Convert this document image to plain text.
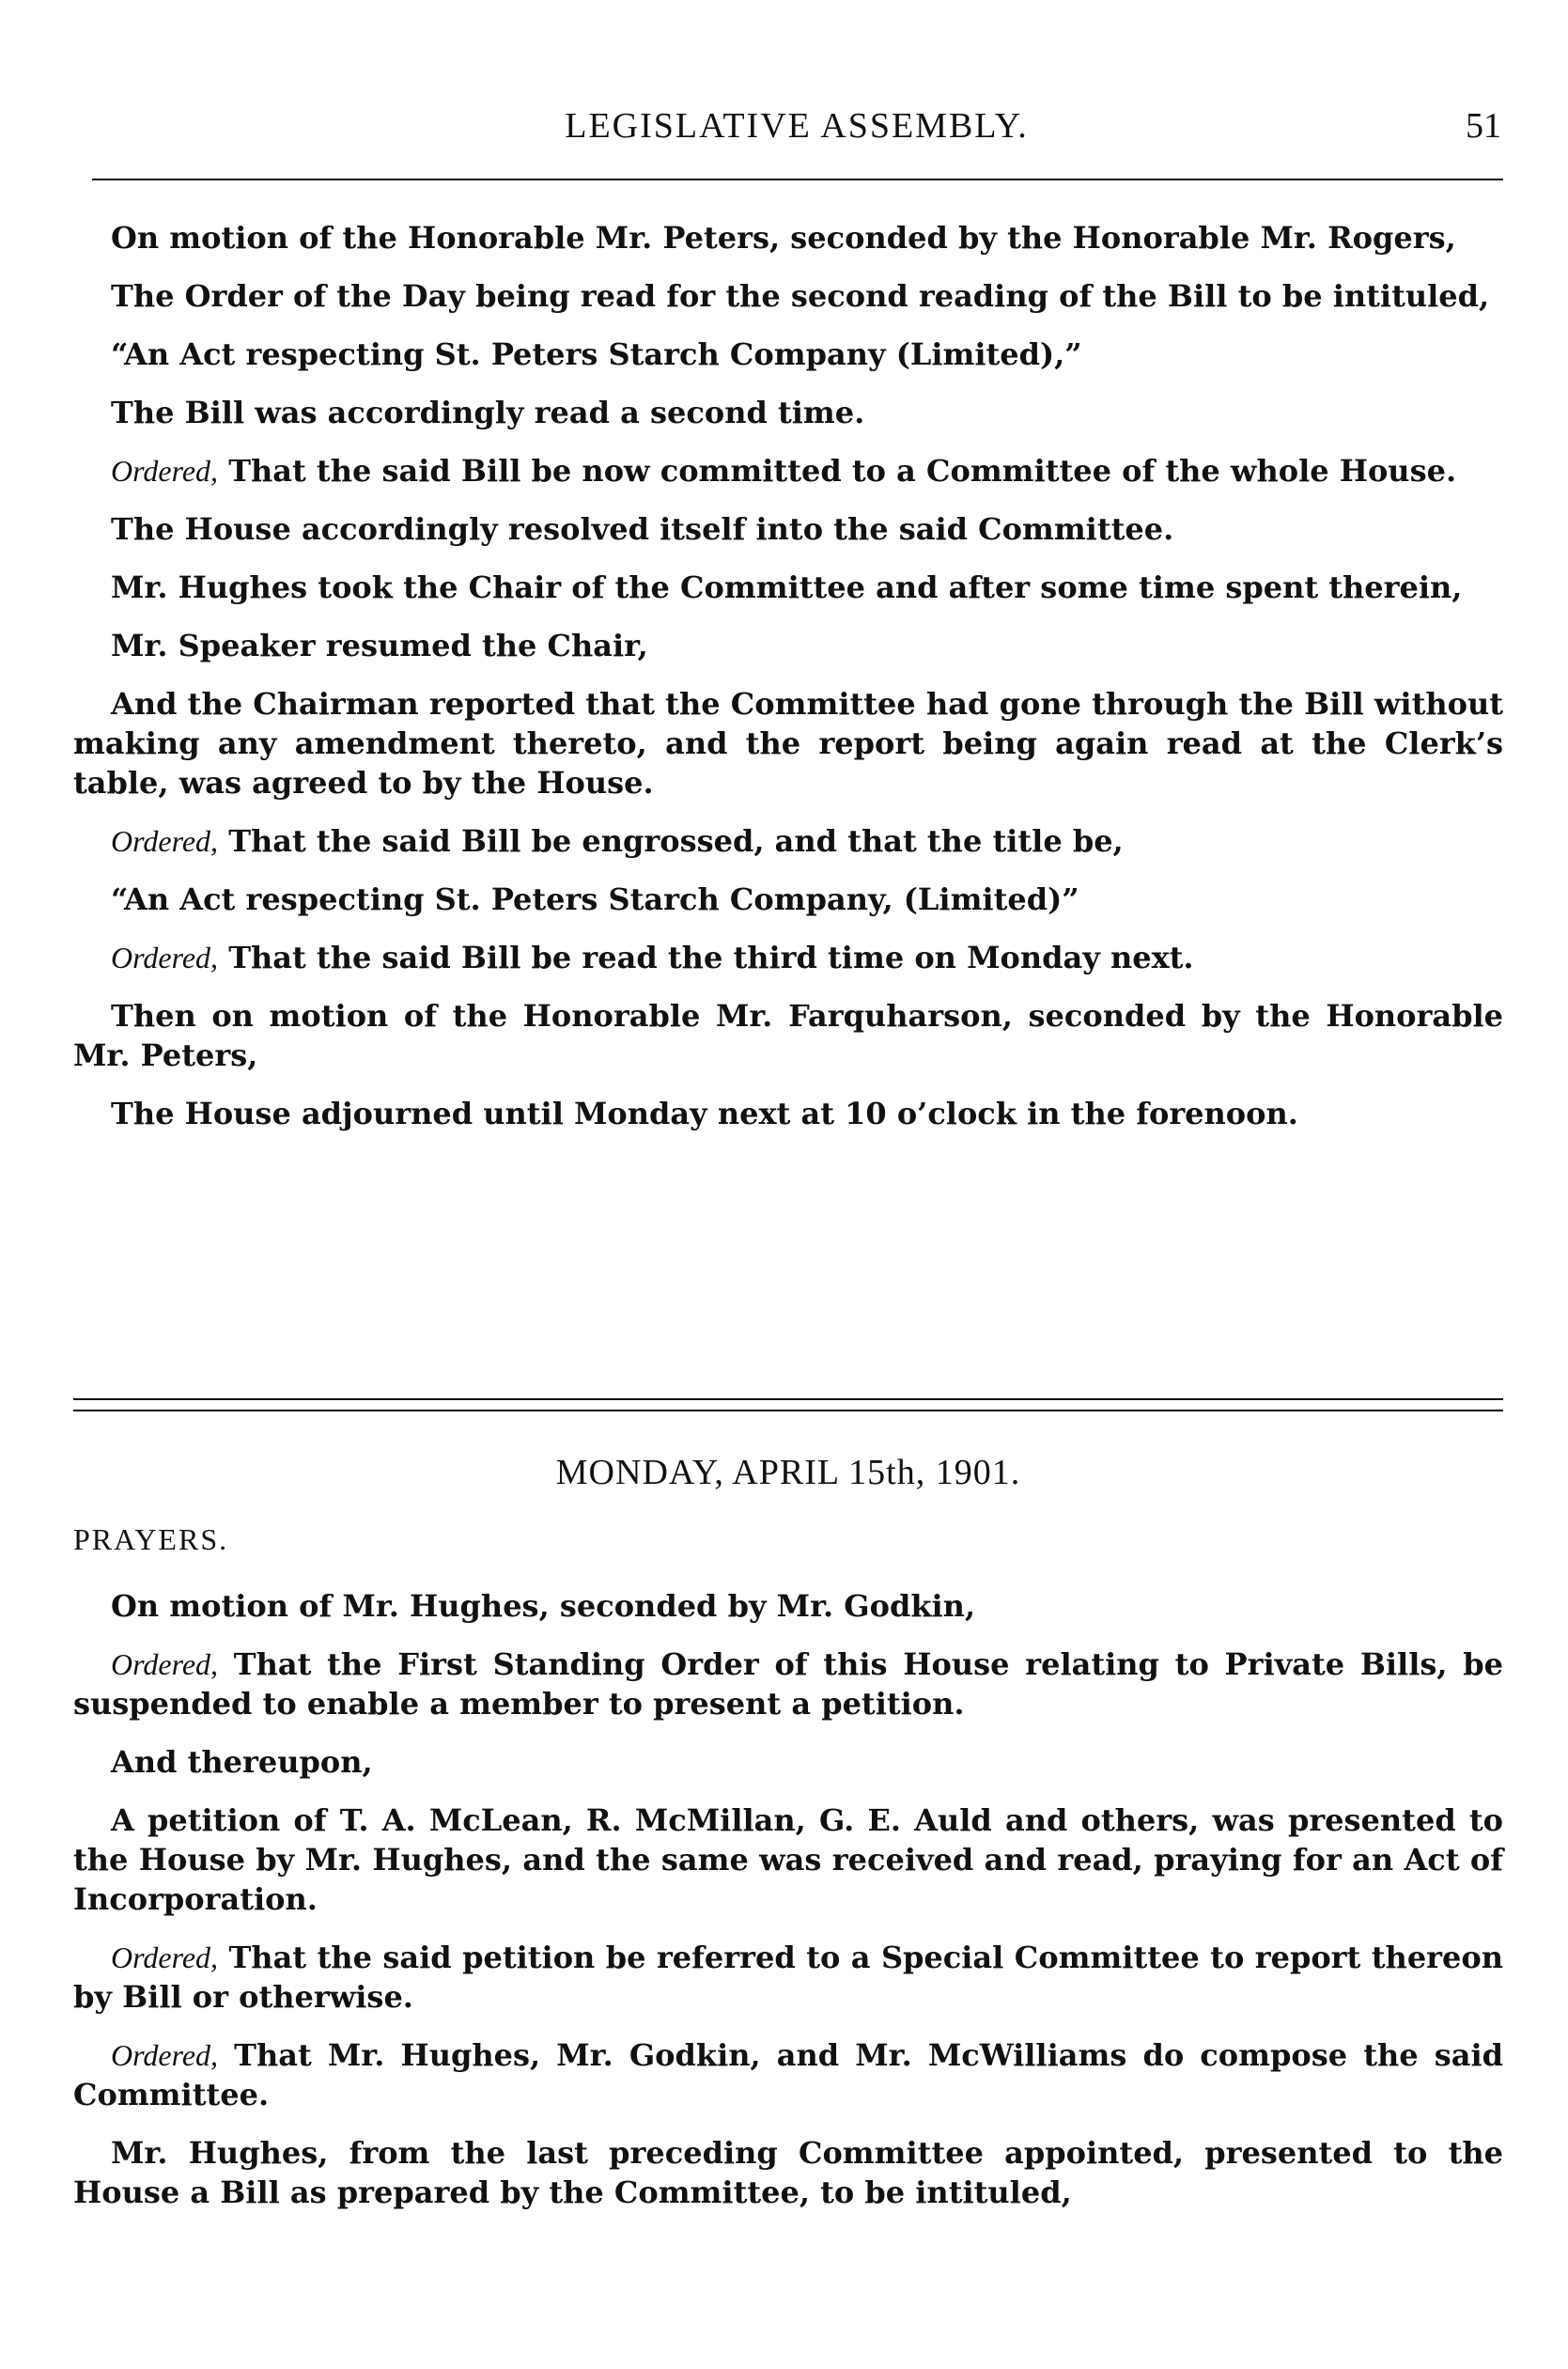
LEGISLATIVE ASSEMBLY.	51

On motion of the Honorable Mr. Peters, seconded by the Honorable Mr. Rogers,

The Order of the Day being read for the second reading of the Bill to be intituled,

“An Act respecting St. Peters Starch Company (Limited),”

The Bill was accordingly read a second time.

Ordered, That the said Bill be now committed to a Committee of the whole House.

The House accordingly resolved itself into the said Committee.

Mr. Hughes took the Chair of the Committee and after some time spent therein,

Mr. Speaker resumed the Chair,

And the Chairman reported that the Committee had gone through the Bill without making any amendment thereto, and the report being again read at the Clerk’s table, was agreed to by the House.

Ordered, That the said Bill be engrossed, and that the title be,

“An Act respecting St. Peters Starch Company, (Limited)”

Ordered, That the said Bill be read the third time on Monday next.

Then on motion of the Honorable Mr. Farquharson, seconded by the Honorable Mr. Peters,

The House adjourned until Monday next at 10 o’clock in the forenoon.

MONDAY, APRIL 15th, 1901.
PRAYERS.

On motion of Mr. Hughes, seconded by Mr. Godkin,

Ordered, That the First Standing Order of this House relating to Private Bills, be suspended to enable a member to present a petition.

And thereupon,

A petition of T. A. McLean, R. McMillan, G. E. Auld and others, was presented to the House by Mr. Hughes, and the same was received and read, praying for an Act of Incorporation.

Ordered, That the said petition be referred to a Special Committee to report thereon by Bill or otherwise.

Ordered, That Mr. Hughes, Mr. Godkin, and Mr. McWilliams do compose the said Committee.

Mr. Hughes, from the last preceding Committee appointed, presented to the House a Bill as prepared by the Committee, to be intituled,
